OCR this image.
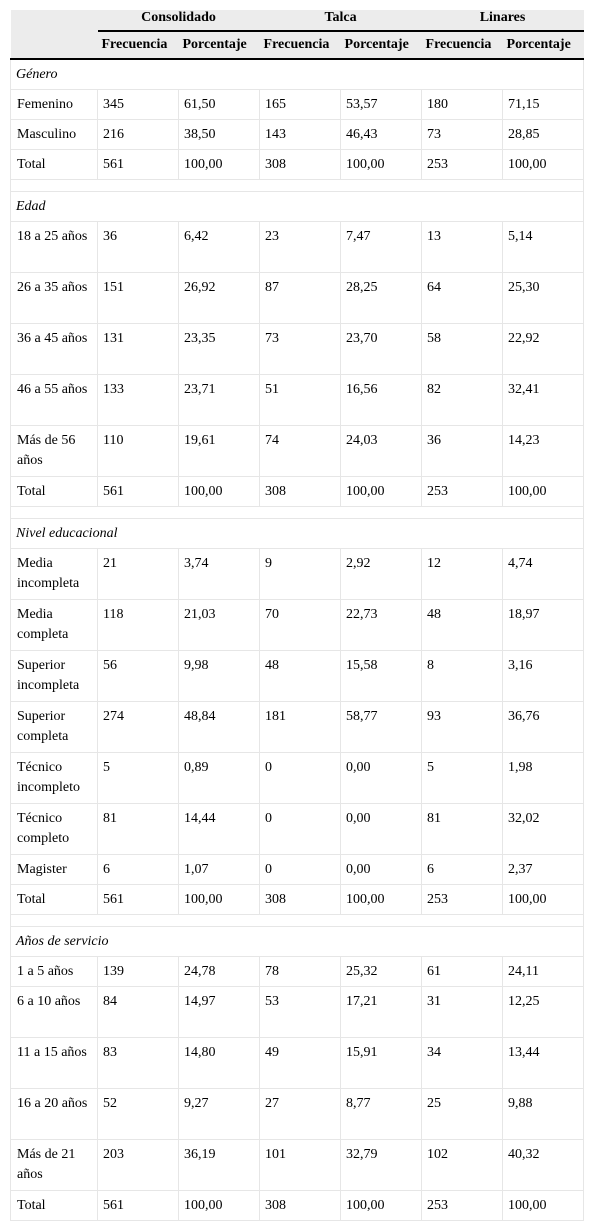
	Consolidado		Talca		Linares	
	Frecuencia	Porcentaje	Frecuencia	Porcentaje	Frecuencia	Porcentaje
Género						
Femenino	345	61,50	165	53,57	180	71,15
Masculino	216	38,50	143	46,43	73	28,85
Total	561	100,00	308	100,00	253	100,00

Edad						
18 a 25 años	36	6,42	23	7,47	13	5,14
26 a 35 años	151	26,92	87	28,25	64	25,30
36 a 45 años	131	23,35	73	23,70	58	22,92
46 a 55 años	133	23,71	51	16,56	82	32,41
Más de 56 años	110	19,61	74	24,03	36	14,23
Total	561	100,00	308	100,00	253	100,00

Nivel educacional						
Media incompleta	21	3,74	9	2,92	12	4,74
Media completa	118	21,03	70	22,73	48	18,97
Superior incompleta	56	9,98	48	15,58	8	3,16
Superior completa	274	48,84	181	58,77	93	36,76
Técnico incompleto	5	0,89	0	0,00	5	1,98
Técnico completo	81	14,44	0	0,00	81	32,02
Magister	6	1,07	0	0,00	6	2,37
Total	561	100,00	308	100,00	253	100,00

Años de servicio						
1 a 5 años	139	24,78	78	25,32	61	24,11
6 a 10 años	84	14,97	53	17,21	31	12,25
11 a 15 años	83	14,80	49	15,91	34	13,44
16 a 20 años	52	9,27	27	8,77	25	9,88
Más de 21 años	203	36,19	101	32,79	102	40,32
Total	561	100,00	308	100,00	253	100,00
